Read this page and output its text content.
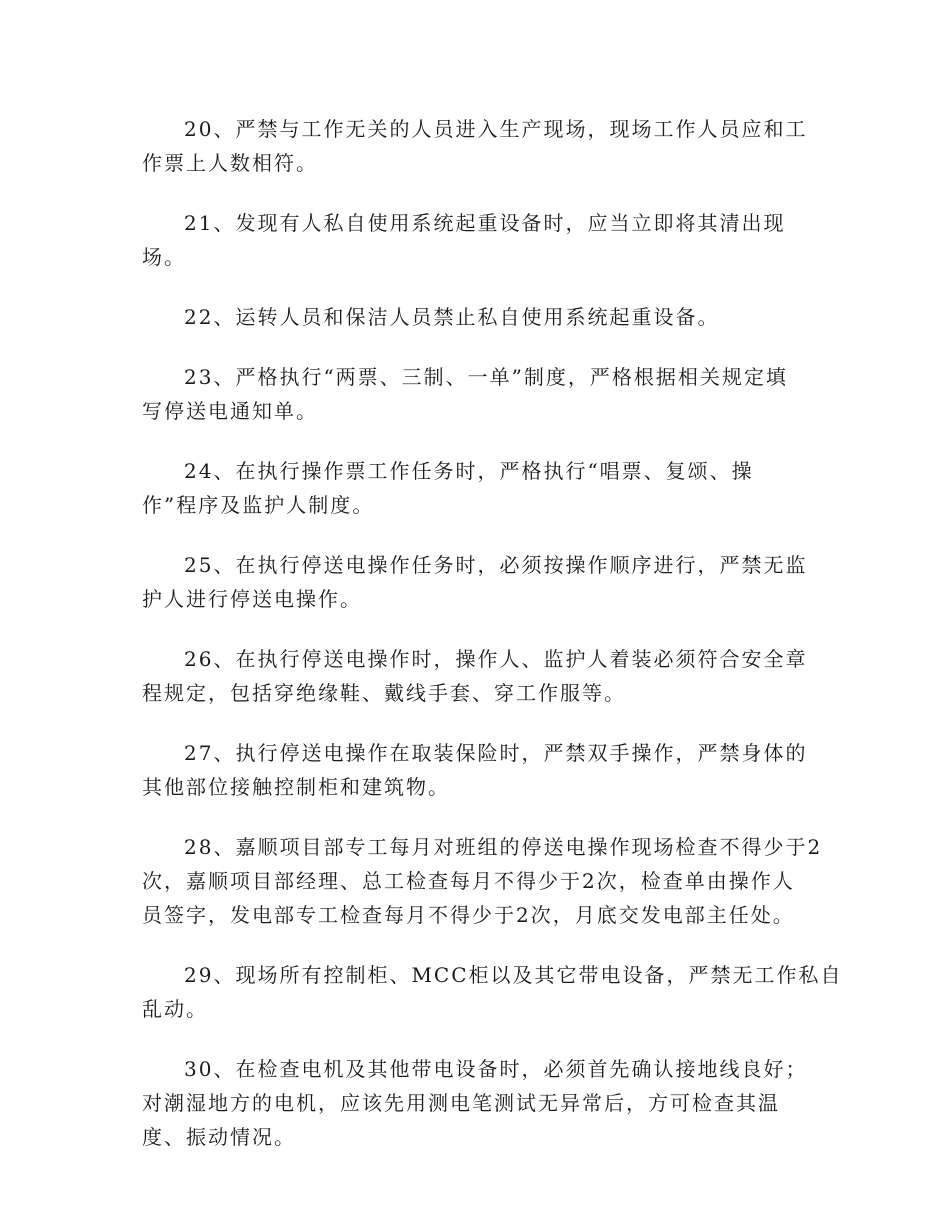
20、严禁与工作无关的人员进入生产现场，现场工作人员应和工
作票上人数相符。

21、发现有人私自使用系统起重设备时，应当立即将其清出现
场。

22、运转人员和保洁人员禁止私自使用系统起重设备。

23、严格执行“两票、三制、一单”制度，严格根据相关规定填
写停送电通知单。

24、在执行操作票工作任务时，严格执行“唱票、复颂、操
作”程序及监护人制度。

25、在执行停送电操作任务时，必须按操作顺序进行，严禁无监
护人进行停送电操作。

26、在执行停送电操作时，操作人、监护人着装必须符合安全章
程规定，包括穿绝缘鞋、戴线手套、穿工作服等。

27、执行停送电操作在取装保险时，严禁双手操作，严禁身体的
其他部位接触控制柜和建筑物。

28、嘉顺项目部专工每月对班组的停送电操作现场检查不得少于2
次，嘉顺项目部经理、总工检查每月不得少于2次，检查单由操作人
员签字，发电部专工检查每月不得少于2次，月底交发电部主任处。

29、现场所有控制柜、MCC柜以及其它带电设备，严禁无工作私自
乱动。

30、在检查电机及其他带电设备时，必须首先确认接地线良好；
对潮湿地方的电机，应该先用测电笔测试无异常后，方可检查其温
度、振动情况。
